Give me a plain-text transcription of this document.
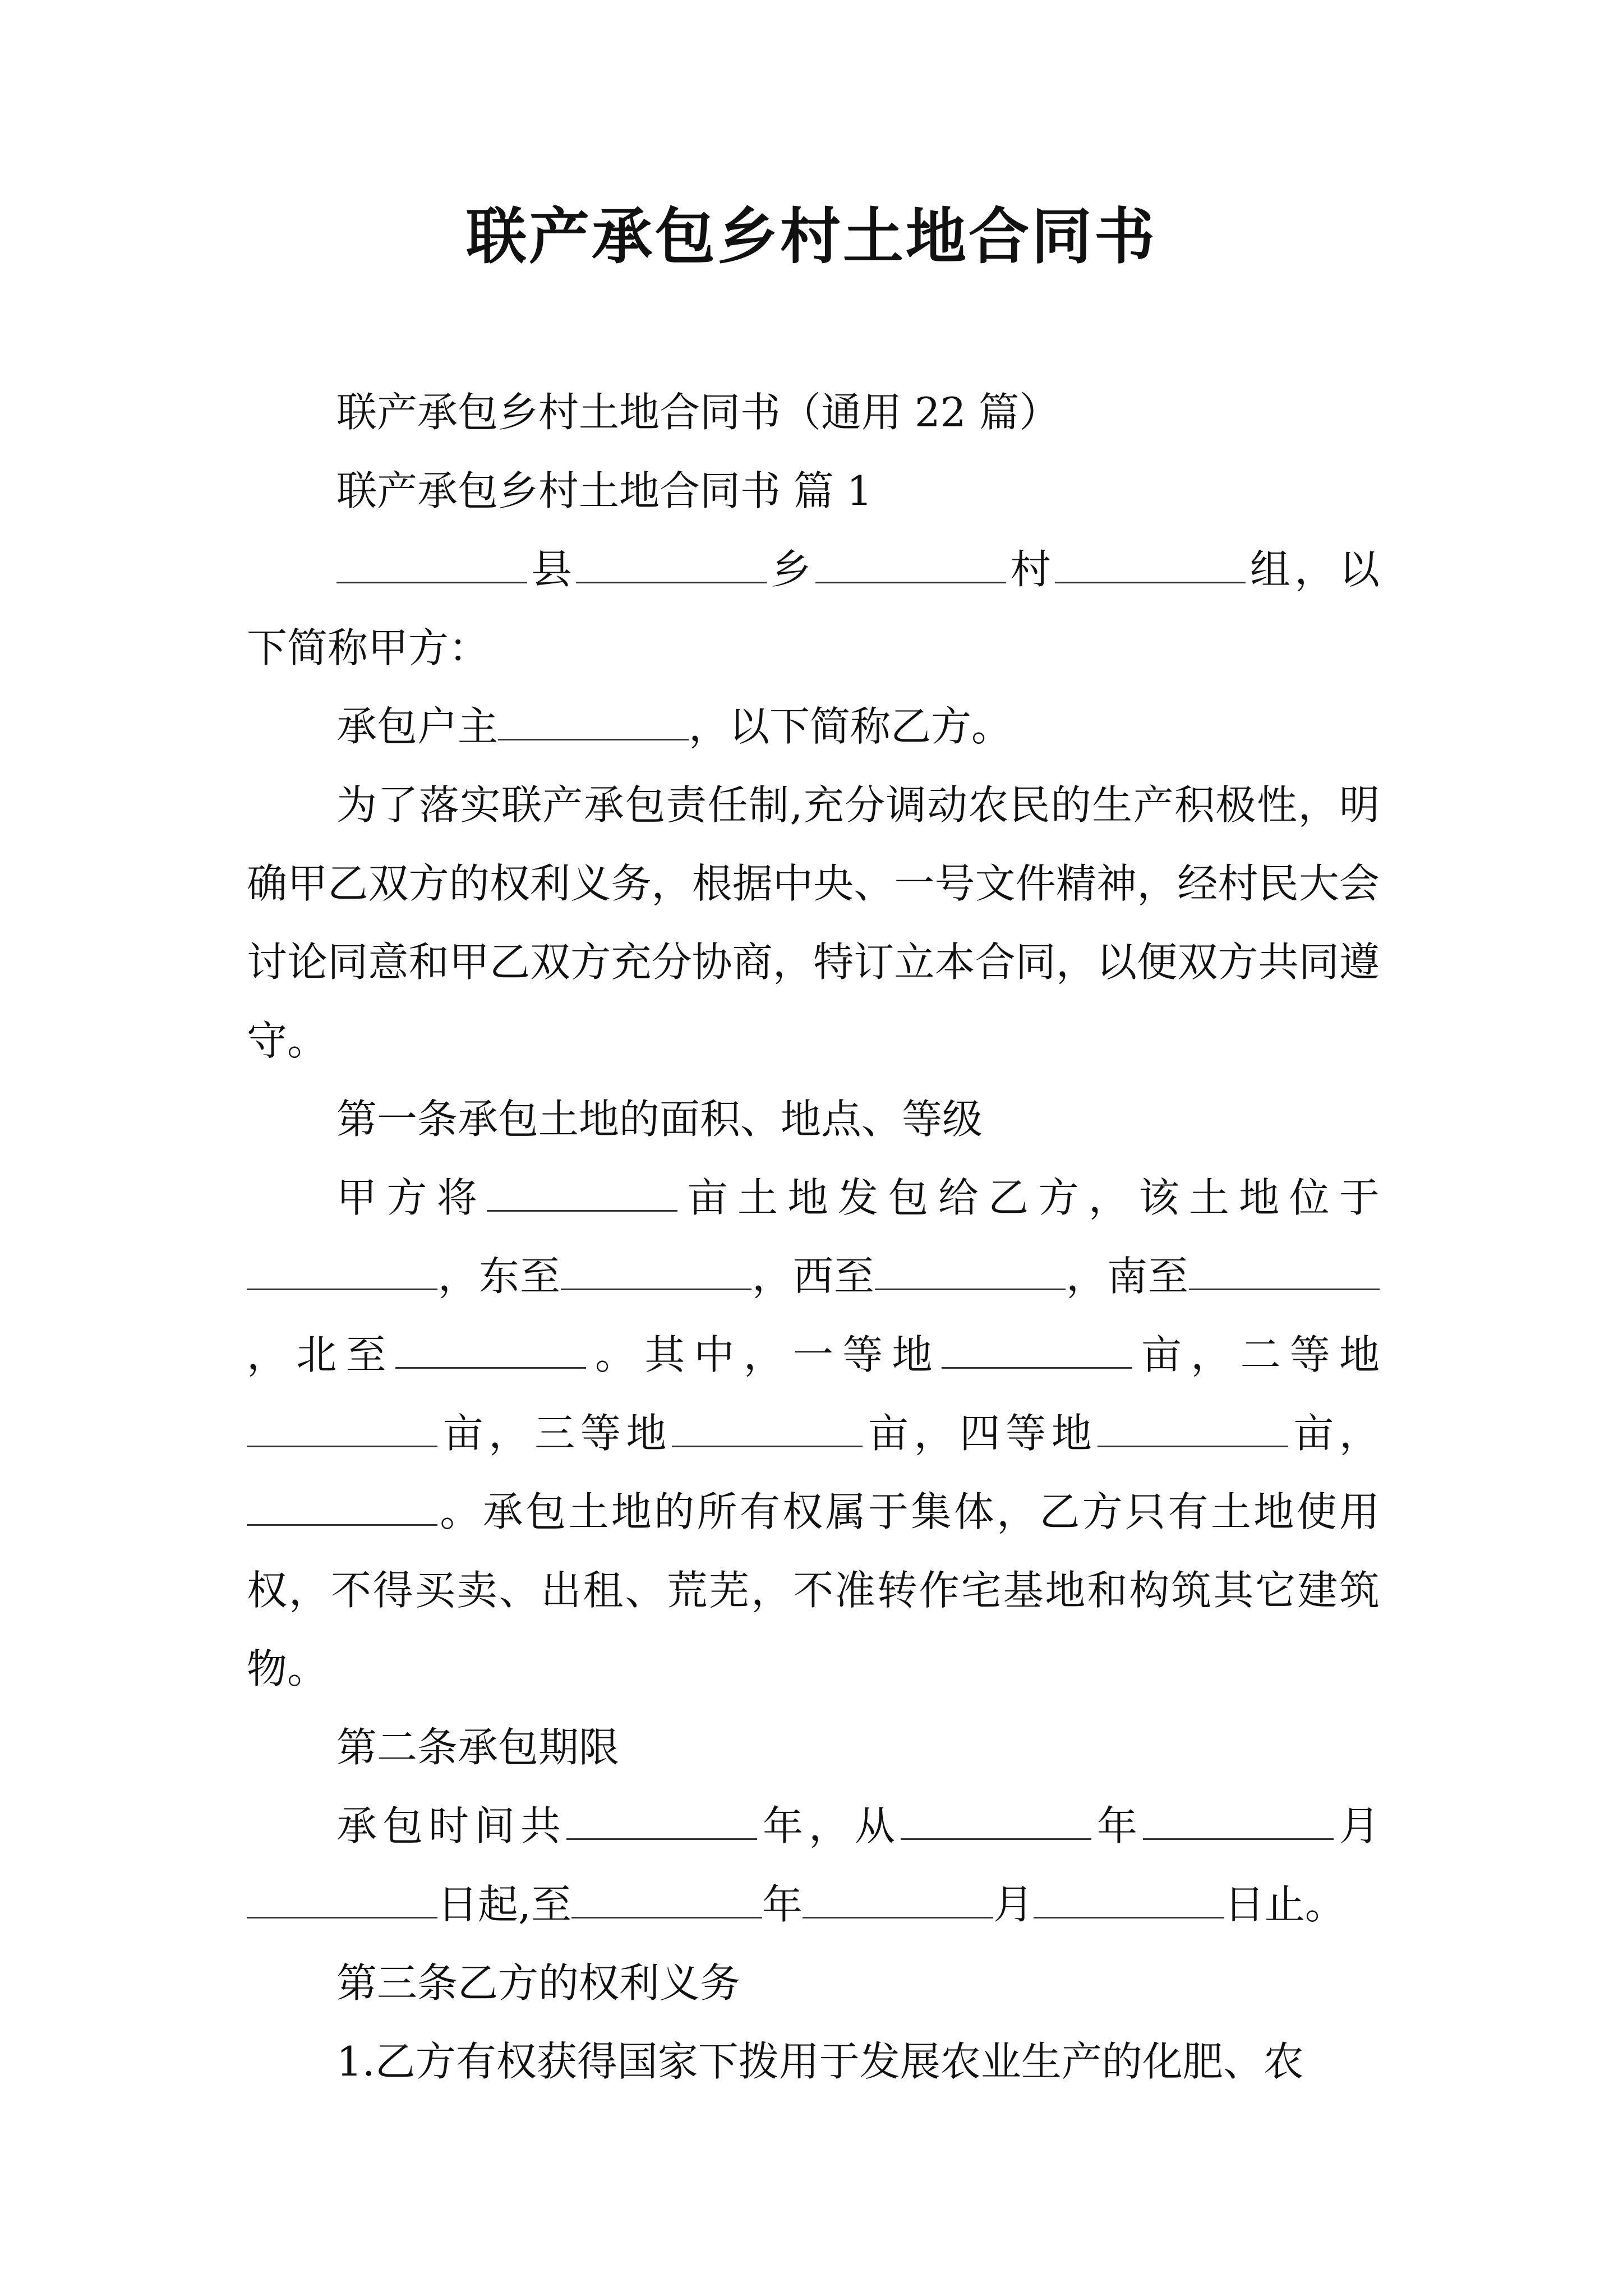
联产承包乡村土地合同书

联产承包乡村土地合同书（通用 22 篇）

联产承包乡村土地合同书 篇 1

县	乡	村	组，以下简称甲方：

承包户主	，以下简称乙方。

为了落实联产承包责任制,充分调动农民的生产积极性，明确甲乙双方的权利义务，根据中央、一号文件精神，经村民大会讨论同意和甲乙双方充分协商，特订立本合同，以便双方共同遵守。

第一条承包土地的面积、地点、等级

甲方将	亩土地发包给乙方，该土地位于，东至	，西至	，南至，北至	。其中，一等地	亩，二等地亩，三等地	亩，四等地	亩，。承包土地的所有权属于集体，乙方只有土地使用权，不得买卖、出租、荒芜，不准转作宅基地和构筑其它建筑物。

第二条承包期限

承包时间共	年，从	年	月日起,至	年	月	日止。

第三条乙方的权利义务

1.乙方有权获得国家下拨用于发展农业生产的化肥、农
